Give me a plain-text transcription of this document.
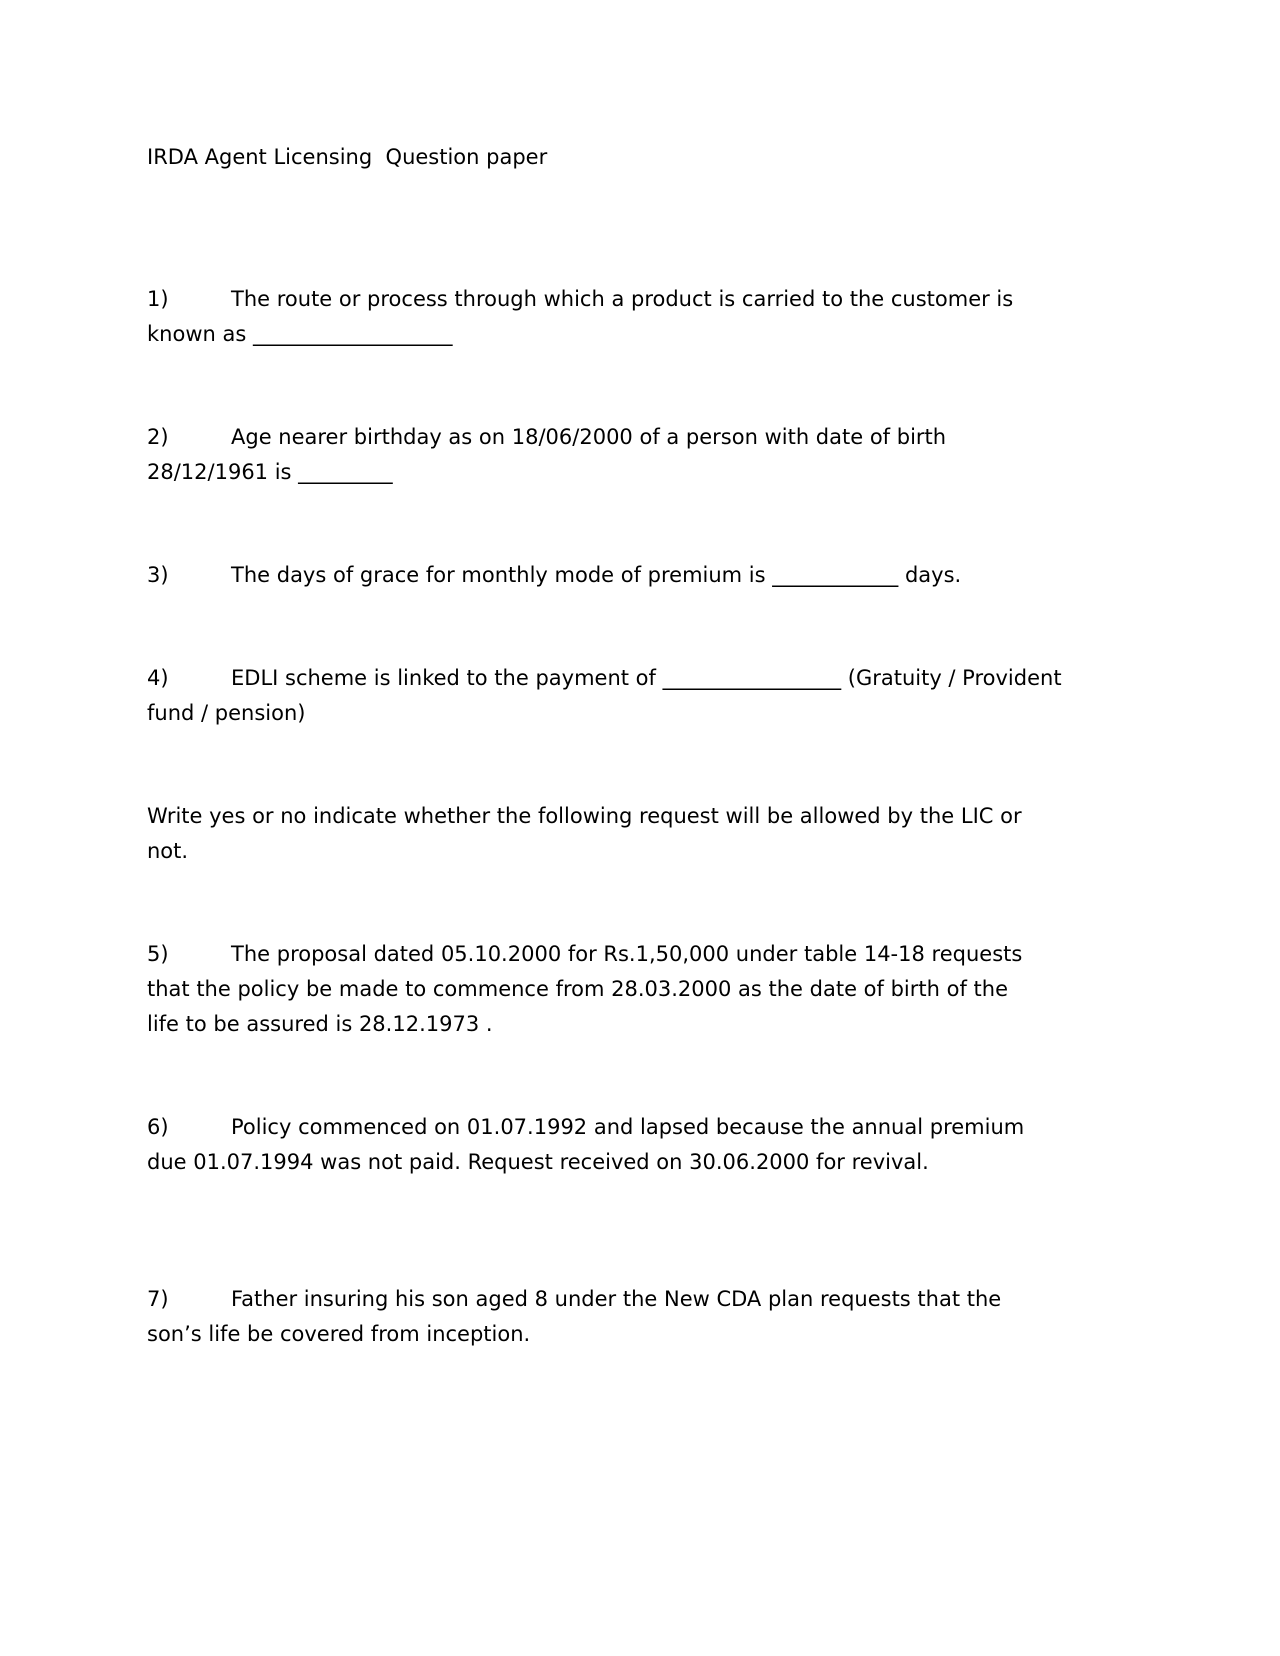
IRDA Agent Licensing  Question paper
1)	The route or process through which a product is carried to the customer is
known as ___________________
2)	Age nearer birthday as on 18/06/2000 of a person with date of birth
28/12/1961 is _________
3)	The days of grace for monthly mode of premium is ____________ days.
4)	EDLI scheme is linked to the payment of _________________ (Gratuity / Provident
fund / pension)
Write yes or no indicate whether the following request will be allowed by the LIC or
not.
5)	The proposal dated 05.10.2000 for Rs.1,50,000 under table 14-18 requests
that the policy be made to commence from 28.03.2000 as the date of birth of the
life to be assured is 28.12.1973 .
6)	Policy commenced on 01.07.1992 and lapsed because the annual premium
due 01.07.1994 was not paid. Request received on 30.06.2000 for revival.
7)	Father insuring his son aged 8 under the New CDA plan requests that the
son’s life be covered from inception.
